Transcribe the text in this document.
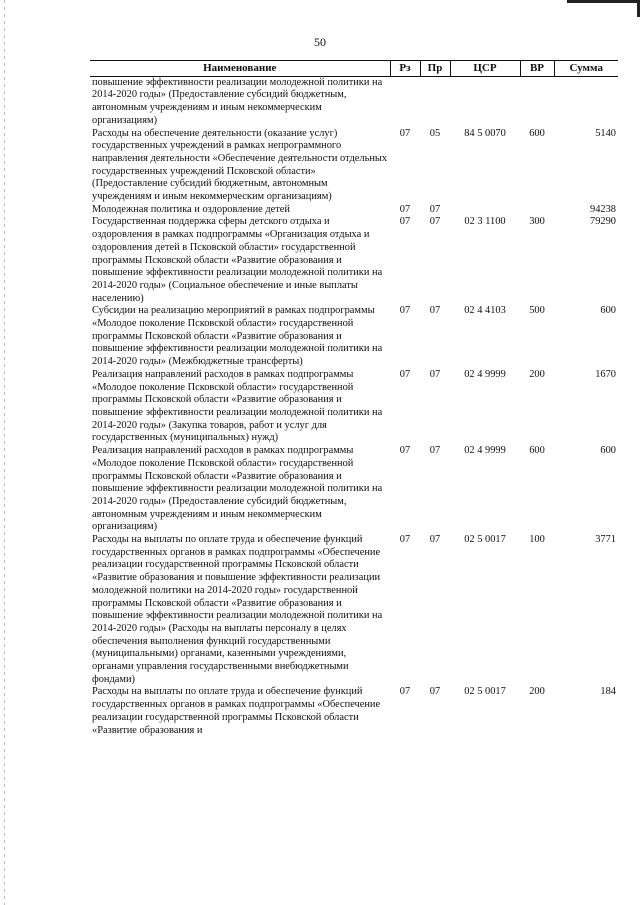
50
Наименование	Рз	Пр	ЦСР	ВР	Сумма
повышение эффективности реализации молодежной политики на 2014-2020 годы» (Предоставление субсидий бюджетным, автономным учреждениям и иным некоммерческим организациям)					
Расходы на обеспечение деятельности (оказание услуг) государственных учреждений в рамках непрограммного направления деятельности «Обеспечение деятельности отдельных государственных учреждений Псковской области» (Предоставление субсидий бюджетным, автономным учреждениям и иным некоммерческим организациям)	07	05	84 5 0070	600	5140
Молодежная политика и оздоровление детей	07	07			94238
Государственная поддержка сферы детского отдыха и оздоровления в рамках подпрограммы «Организация отдыха и оздоровления детей в Псковской области» государственной программы Псковской области «Развитие образования и повышение эффективности реализации молодежной политики на 2014-2020 годы» (Социальное обеспечение и иные выплаты населению)	07	07	02 3 1100	300	79290
Субсидии на реализацию мероприятий в рамках подпрограммы «Молодое поколение Псковской области» государственной программы Псковской области «Развитие образования и повышение эффективности реализации молодежной политики на 2014-2020 годы» (Межбюджетные трансферты)	07	07	02 4 4103	500	600
Реализация направлений расходов в рамках подпрограммы «Молодое поколение Псковской области» государственной программы Псковской области «Развитие образования и повышение эффективности реализации молодежной политики на 2014-2020 годы» (Закупка товаров, работ и услуг для государственных (муниципальных) нужд)	07	07	02 4 9999	200	1670
Реализация направлений расходов в рамках подпрограммы «Молодое поколение Псковской области» государственной программы Псковской области «Развитие образования и повышение эффективности реализации молодежной политики на 2014-2020 годы» (Предоставление субсидий бюджетным, автономным учреждениям и иным некоммерческим организациям)	07	07	02 4 9999	600	600
Расходы на выплаты по оплате труда и обеспечение функций государственных органов в рамках подпрограммы «Обеспечение реализации государственной программы Псковской области «Развитие образования и повышение эффективности реализации молодежной политики на 2014-2020 годы» государственной программы Псковской области «Развитие образования и повышение эффективности реализации молодежной политики на 2014-2020 годы» (Расходы на выплаты персоналу в целях обеспечения выполнения функций государственными (муниципальными) органами, казенными учреждениями, органами управления государственными внебюджетными фондами)	07	07	02 5 0017	100	3771
Расходы на выплаты по оплате труда и обеспечение функций государственных органов в рамках подпрограммы «Обеспечение реализации государственной программы Псковской области «Развитие образования и	07	07	02 5 0017	200	184
